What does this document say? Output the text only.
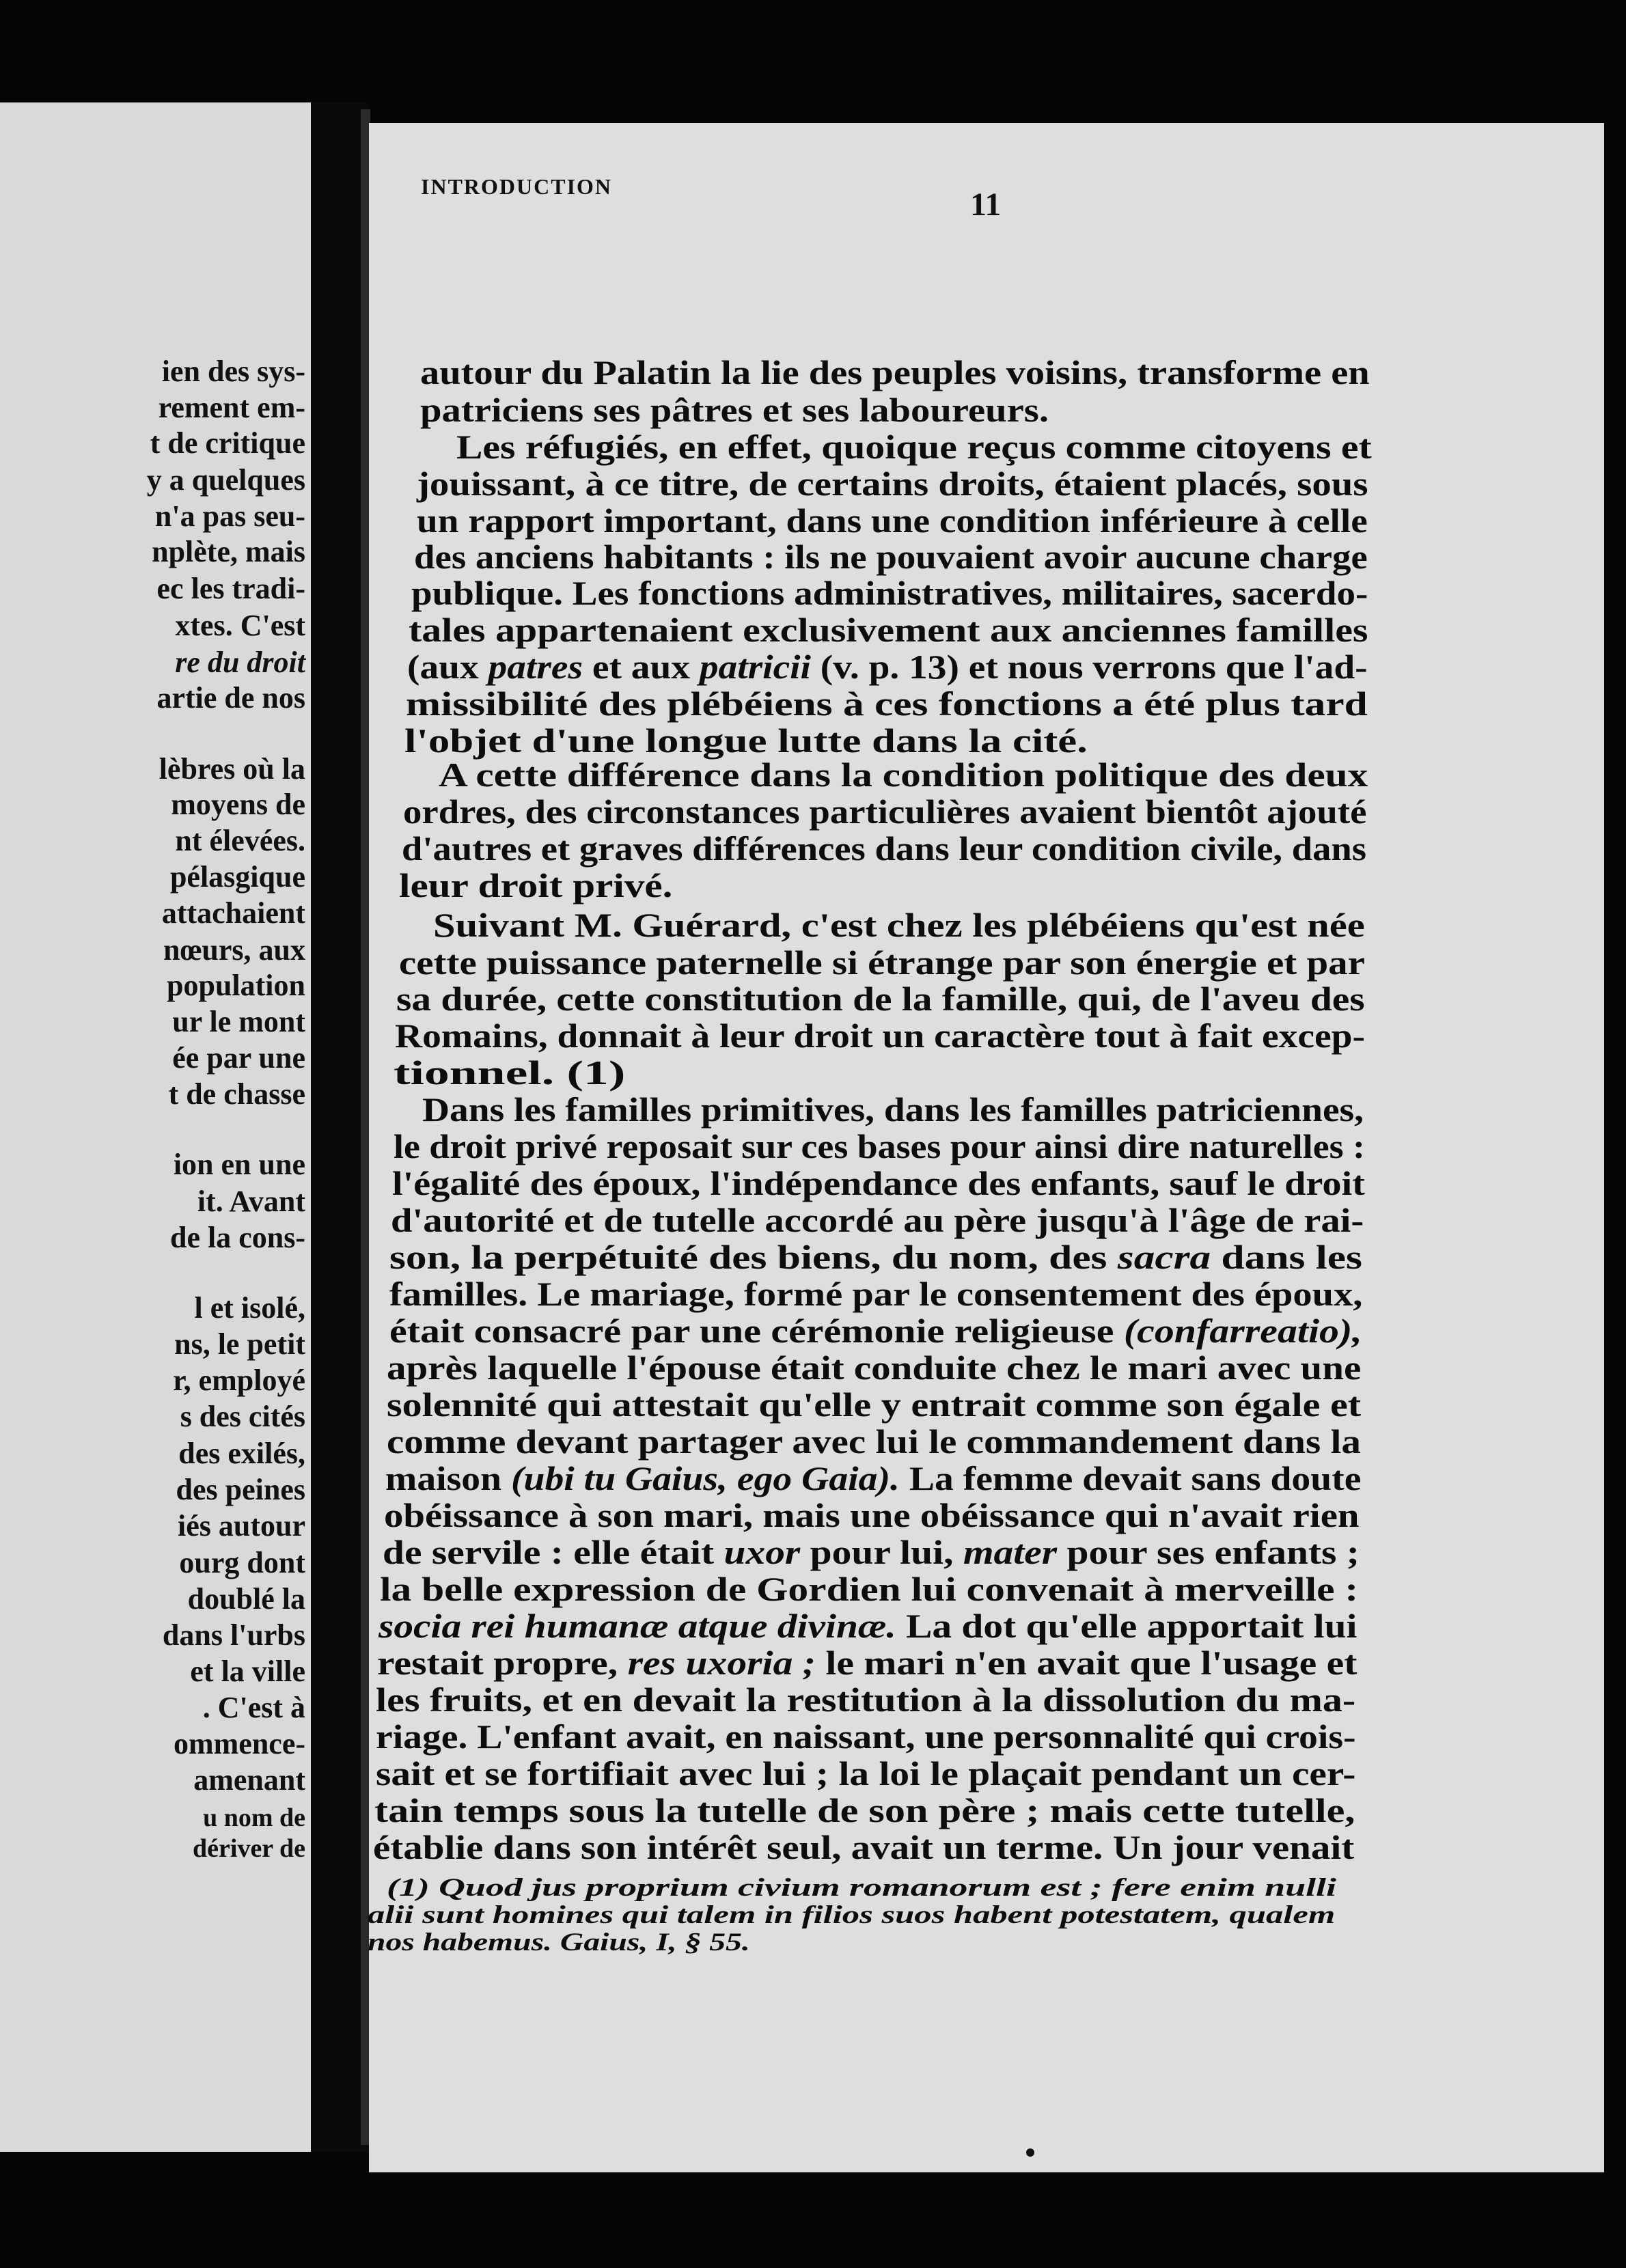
ien des sys-
rement em-
t de critique
y a quelques
n'a pas seu-
nplète, mais
ec les tradi-
xtes. C'est
re du droit
artie de nos
lèbres où la
moyens de
nt élevées.
pélasgique
attachaient
nœurs, aux
population
ur le mont
ée par une
t de chasse
ion en une
it. Avant
de la cons-
l et isolé,
ns, le petit
r, employé
s des cités
des exilés,
des peines
iés autour
ourg dont
doublé la
dans l'urbs
et la ville
. C'est à
ommence-
amenant
u nom de
dériver de
INTRODUCTION	11
autour du Palatin la lie des peuples voisins, transforme en
patriciens ses pâtres et ses laboureurs.
Les réfugiés, en effet, quoique reçus comme citoyens et
jouissant, à ce titre, de certains droits, étaient placés, sous
un rapport important, dans une condition inférieure à celle
des anciens habitants : ils ne pouvaient avoir aucune charge
publique. Les fonctions administratives, militaires, sacerdo-
tales appartenaient exclusivement aux anciennes familles
(aux patres et aux patricii (v. p. 13) et nous verrons que l'ad-
missibilité des plébéiens à ces fonctions a été plus tard
l'objet d'une longue lutte dans la cité.
A cette différence dans la condition politique des deux
ordres, des circonstances particulières avaient bientôt ajouté
d'autres et graves différences dans leur condition civile, dans
leur droit privé.
Suivant M. Guérard, c'est chez les plébéiens qu'est née
cette puissance paternelle si étrange par son énergie et par
sa durée, cette constitution de la famille, qui, de l'aveu des
Romains, donnait à leur droit un caractère tout à fait excep-
tionnel. (1)
Dans les familles primitives, dans les familles patriciennes,
le droit privé reposait sur ces bases pour ainsi dire naturelles :
l'égalité des époux, l'indépendance des enfants, sauf le droit
d'autorité et de tutelle accordé au père jusqu'à l'âge de rai-
son, la perpétuité des biens, du nom, des sacra dans les
familles. Le mariage, formé par le consentement des époux,
était consacré par une cérémonie religieuse (confarreatio),
après laquelle l'épouse était conduite chez le mari avec une
solennité qui attestait qu'elle y entrait comme son égale et
comme devant partager avec lui le commandement dans la
maison (ubi tu Gaius, ego Gaia). La femme devait sans doute
obéissance à son mari, mais une obéissance qui n'avait rien
de servile : elle était uxor pour lui, mater pour ses enfants ;
la belle expression de Gordien lui convenait à merveille :
socia rei humanæ atque divinæ. La dot qu'elle apportait lui
restait propre, res uxoria ; le mari n'en avait que l'usage et
les fruits, et en devait la restitution à la dissolution du ma-
riage. L'enfant avait, en naissant, une personnalité qui crois-
sait et se fortifiait avec lui ; la loi le plaçait pendant un cer-
tain temps sous la tutelle de son père ; mais cette tutelle,
établie dans son intérêt seul, avait un terme. Un jour venait
(1) Quod jus proprium civium romanorum est ; fere enim nulli
alii sunt homines qui talem in filios suos habent potestatem, qualem
nos habemus. Gaius, I, § 55.
